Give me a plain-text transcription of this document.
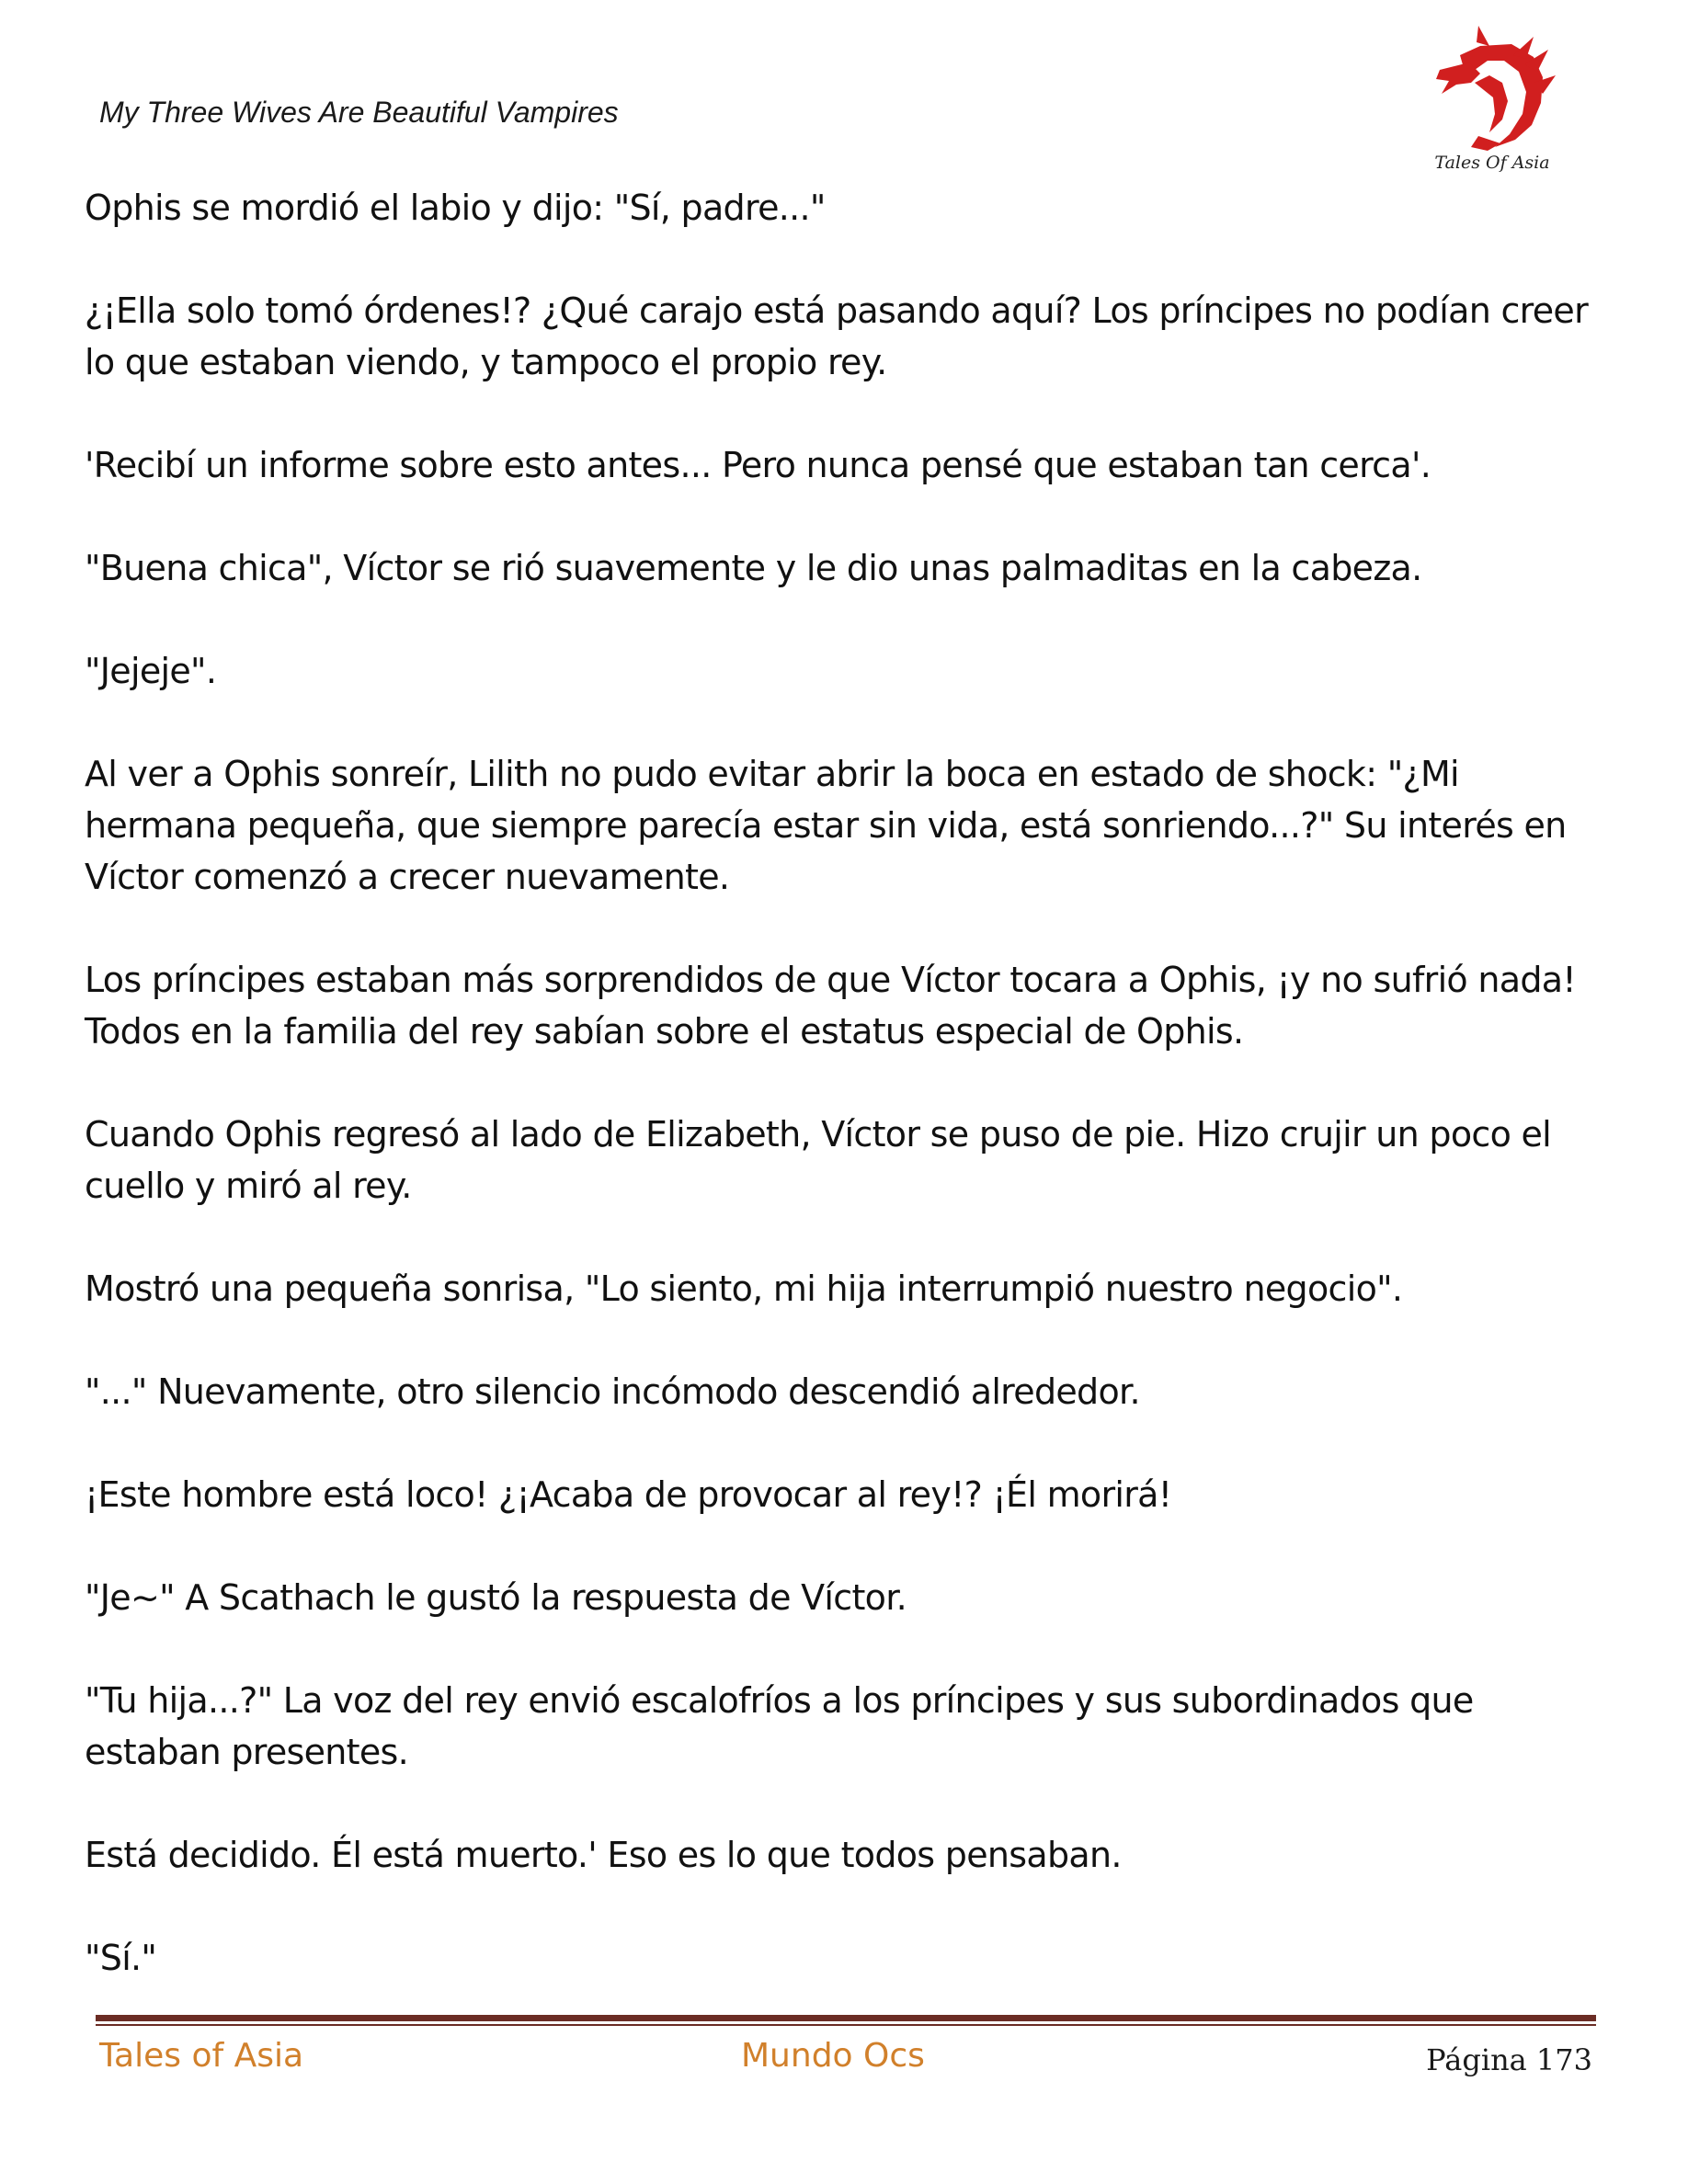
My Three Wives Are Beautiful Vampires
Tales Of Asia

Ophis se mordió el labio y dijo: "Sí, padre..."

¿¡Ella solo tomó órdenes!? ¿Qué carajo está pasando aquí? Los príncipes no podían creer lo que estaban viendo, y tampoco el propio rey.

'Recibí un informe sobre esto antes... Pero nunca pensé que estaban tan cerca'.

"Buena chica", Víctor se rió suavemente y le dio unas palmaditas en la cabeza.

"Jejeje".

Al ver a Ophis sonreír, Lilith no pudo evitar abrir la boca en estado de shock: "¿Mi hermana pequeña, que siempre parecía estar sin vida, está sonriendo...?" Su interés en Víctor comenzó a crecer nuevamente.

Los príncipes estaban más sorprendidos de que Víctor tocara a Ophis, ¡y no sufrió nada! Todos en la familia del rey sabían sobre el estatus especial de Ophis.

Cuando Ophis regresó al lado de Elizabeth, Víctor se puso de pie. Hizo crujir un poco el cuello y miró al rey.

Mostró una pequeña sonrisa, "Lo siento, mi hija interrumpió nuestro negocio".

"..." Nuevamente, otro silencio incómodo descendió alrededor.

¡Este hombre está loco! ¿¡Acaba de provocar al rey!? ¡Él morirá!

"Je~" A Scathach le gustó la respuesta de Víctor.

"Tu hija...?" La voz del rey envió escalofríos a los príncipes y sus subordinados que estaban presentes.

Está decidido. Él está muerto.' Eso es lo que todos pensaban.

"Sí."

Tales of Asia	Mundo Ocs	Página 173
